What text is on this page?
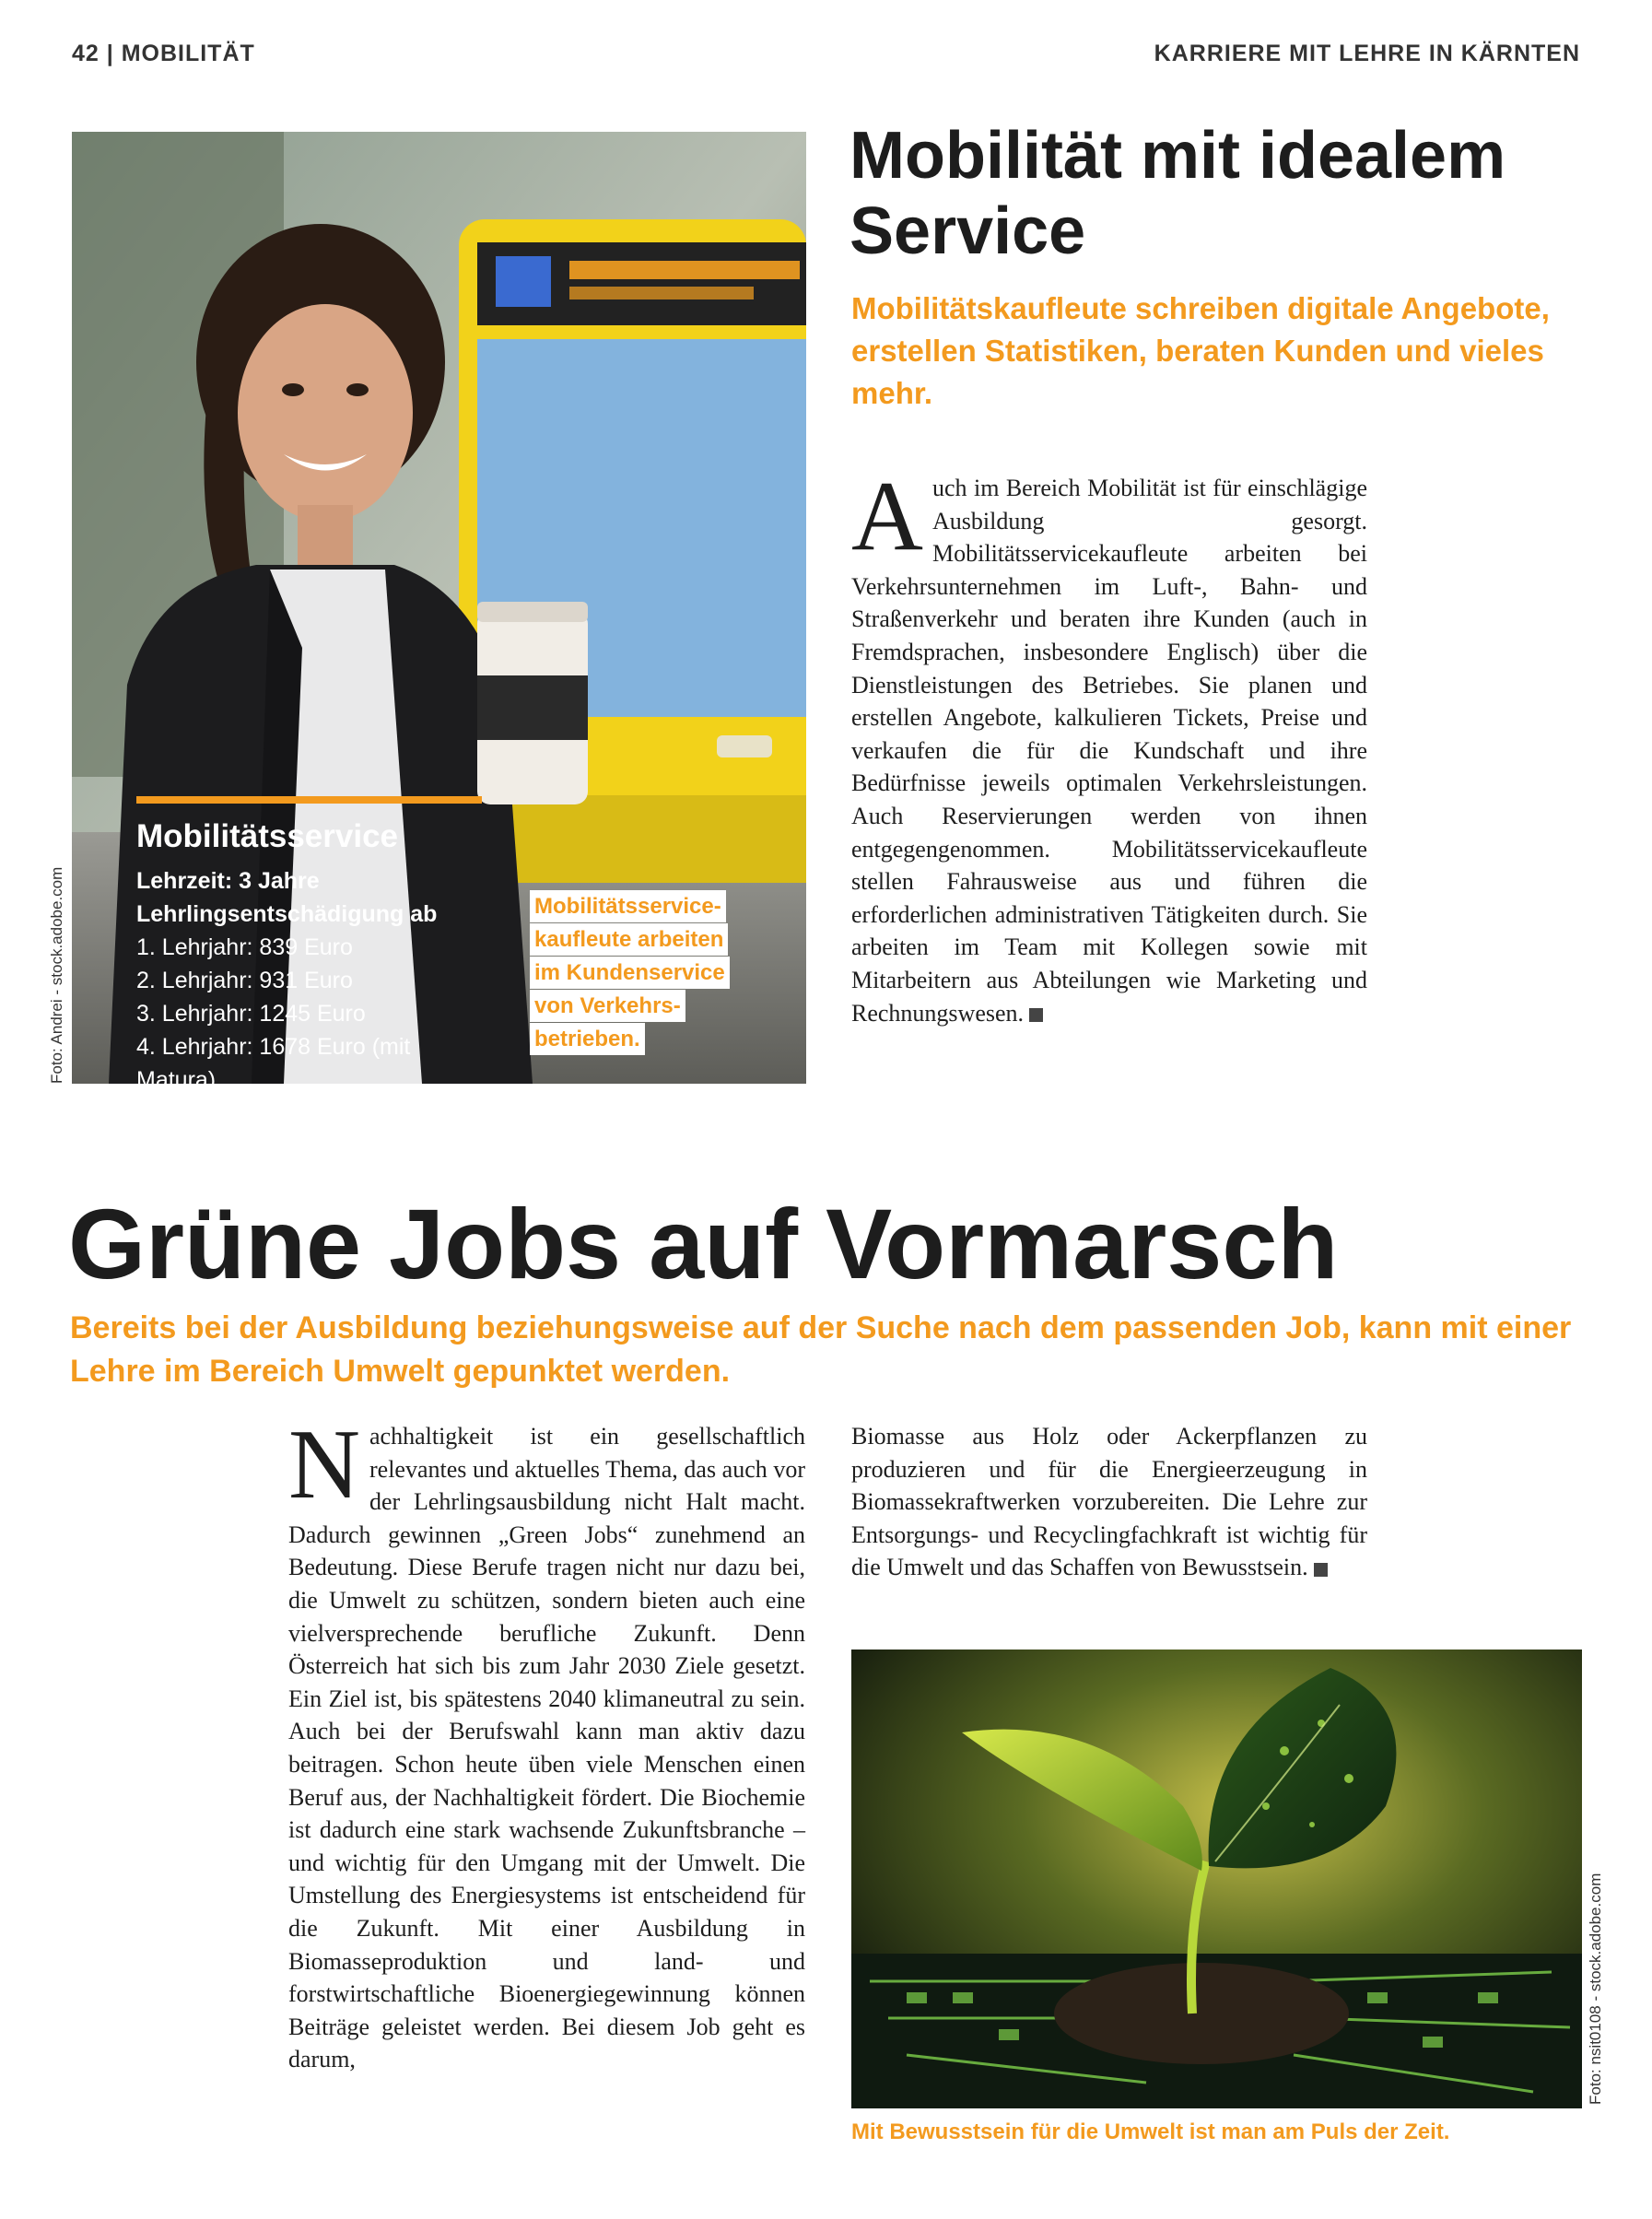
42 | MOBILITÄT	KARRIERE MIT LEHRE IN KÄRNTEN
Foto: Andrei - stock.adobe.com
Mobilitätsservice
Lehrzeit: 3 Jahre
Lehrlingsentschädigung ab
1. Lehrjahr: 839 Euro
2. Lehrjahr: 931 Euro
3. Lehrjahr: 1245 Euro
4. Lehrjahr: 1678 Euro (mit Matura)
Mobilitätsservice-
kaufleute arbeiten
im Kundenservice
von Verkehrs-
betrieben.
Mobilität mit idealem Service
Mobilitätskaufleute schreiben digitale Angebote, erstellen Statistiken, beraten Kunden und vieles mehr.
Auch im Bereich Mobilität ist für einschlägige Ausbildung gesorgt. Mobilitätsservicekaufleute arbeiten bei Verkehrsunternehmen im Luft-, Bahn- und Straßenverkehr und beraten ihre Kunden (auch in Fremdsprachen, insbesondere Englisch) über die Dienstleistungen des Betriebes. Sie planen und erstellen Angebote, kalkulieren Tickets, Preise und verkaufen die für die Kundschaft und ihre Bedürfnisse jeweils optimalen Verkehrsleistungen. Auch Reservierungen werden von ihnen entgegengenommen. Mobilitätsservicekaufleute stellen Fahrausweise aus und führen die erforderlichen administrativen Tätigkeiten durch. Sie arbeiten im Team mit Kollegen sowie mit Mitarbeitern aus Abteilungen wie Marketing und Rechnungswesen.
Grüne Jobs auf Vormarsch
Bereits bei der Ausbildung beziehungsweise auf der Suche nach dem passenden Job, kann mit einer Lehre im Bereich Umwelt gepunktet werden.
Nachhaltigkeit ist ein gesellschaftlich relevantes und aktuelles Thema, das auch vor der Lehrlingsausbildung nicht Halt macht. Dadurch gewinnen „Green Jobs“ zunehmend an Bedeutung. Diese Berufe tragen nicht nur dazu bei, die Umwelt zu schützen, sondern bieten auch eine vielversprechende berufliche Zukunft. Denn Österreich hat sich bis zum Jahr 2030 Ziele gesetzt. Ein Ziel ist, bis spätestens 2040 klimaneutral zu sein. Auch bei der Berufswahl kann man aktiv dazu beitragen. Schon heute üben viele Menschen einen Beruf aus, der Nachhaltigkeit fördert. Die Biochemie ist dadurch eine stark wachsende Zukunftsbranche – und wichtig für den Umgang mit der Umwelt. Die Umstellung des Energiesystems ist entscheidend für die Zukunft. Mit einer Ausbildung in Biomasseproduktion und land- und forstwirtschaftliche Bioenergiegewinnung können Beiträge geleistet werden. Bei diesem Job geht es darum,
Biomasse aus Holz oder Ackerpflanzen zu produzieren und für die Energieerzeugung in Biomassekraftwerken vorzubereiten. Die Lehre zur Entsorgungs- und Recyclingfachkraft ist wichtig für die Umwelt und das Schaffen von Bewusstsein.
Foto: nsit0108 - stock.adobe.com
Mit Bewusstsein für die Umwelt ist man am Puls der Zeit.
